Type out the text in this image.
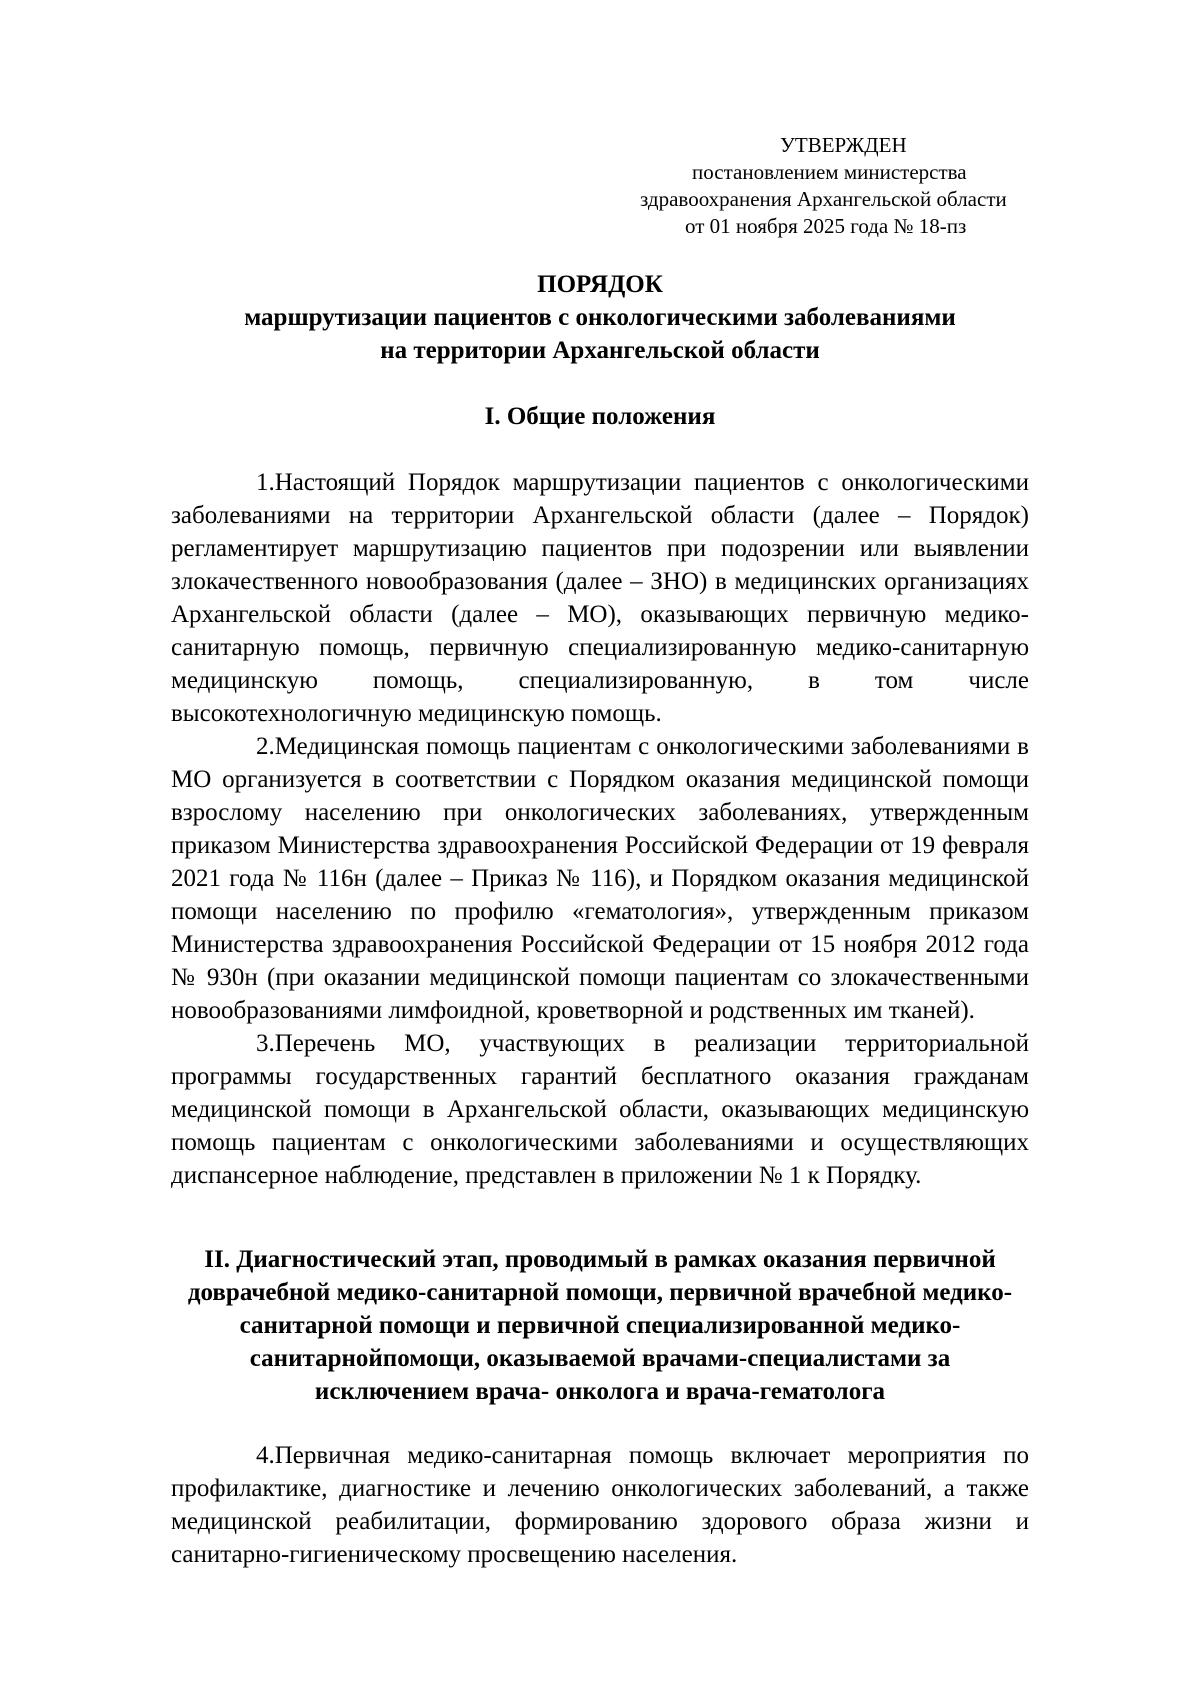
УТВЕРЖДЕН
постановлением министерства
здравоохранения Архангельской области
от 01 ноября 2025 года № 18-пз
ПОРЯДОК
маршрутизации пациентов с онкологическими заболеваниями
на территории Архангельской области
I. Общие положения

1.Настоящий Порядок маршрутизации пациентов с онкологическими заболеваниями на территории Архангельской области (далее – Порядок) регламентирует маршрутизацию пациентов при подозрении или выявлении злокачественного новообразования (далее – ЗНО) в медицинских организациях Архангельской области (далее – МО), оказывающих первичную медико-санитарную помощь, первичную специализированную медико-санитарную медицинскую помощь, специализированную, в том числе высокотехнологичную медицинскую помощь.

2.Медицинская помощь пациентам с онкологическими заболеваниями в МО организуется в соответствии с Порядком оказания медицинской помощи взрослому населению при онкологических заболеваниях, утвержденным приказом Министерства здравоохранения Российской Федерации от 19 февраля 2021 года № 116н (далее – Приказ № 116), и Порядком оказания медицинской помощи населению по профилю «гематология», утвержденным приказом Министерства здравоохранения Российской Федерации от 15 ноября 2012 года № 930н (при оказании медицинской помощи пациентам со злокачественными новообразованиями лимфоидной, кроветворной и родственных им тканей).

3.Перечень МО, участвующих в реализации территориальной программы государственных гарантий бесплатного оказания гражданам медицинской помощи в Архангельской области, оказывающих медицинскую помощь пациентам с онкологическими заболеваниями и осуществляющих диспансерное наблюдение, представлен в приложении № 1 к Порядку.

II. Диагностический этап, проводимый в рамках оказания первичной
доврачебной медико-санитарной помощи, первичной врачебной медико-
санитарной помощи и первичной специализированной медико-
санитарнойпомощи, оказываемой врачами-специалистами за
исключением врача- онколога и врача-гематолога

4.Первичная медико-санитарная помощь включает мероприятия по профилактике, диагностике и лечению онкологических заболеваний, а также медицинской реабилитации, формированию здорового образа жизни и санитарно-гигиеническому просвещению населения.
